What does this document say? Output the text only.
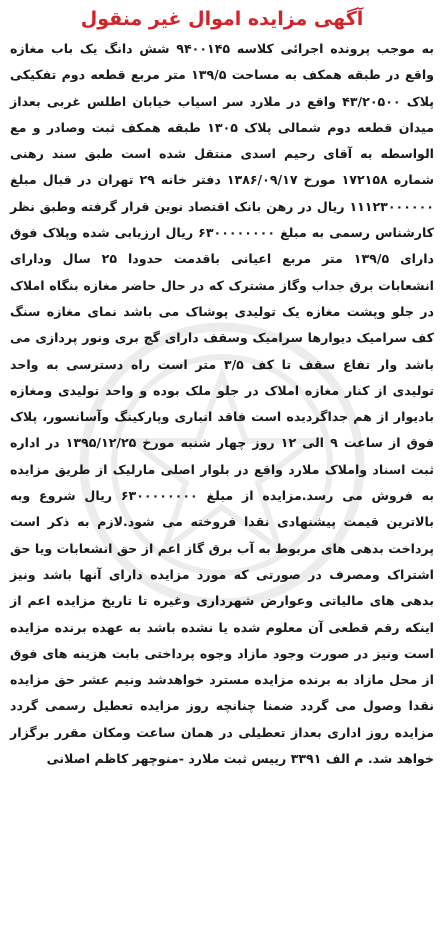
آگهی مزایده اموال غیر منقول

به موجب پرونده اجرائی کلاسه ۹۴۰۰۱۴۵ شش دانگ یک باب مغازه واقع در طبقه همکف به مساحت ۱۳۹/۵ متر مربع قطعه دوم تفکیکی پلاک ۴۳/۲۰۵۰۰ واقع در ملارد سر اسیاب خیابان اطلس غربی بعداز میدان قطعه دوم شمالی پلاک ۱۳۰۵ طبقه همکف ثبت وصادر و مع الواسطه به آقای رحیم اسدی منتقل شده است طبق سند رهنی شماره ۱۷۲۱۵۸ مورخ ۱۳۸۶/۰۹/۱۷ دفتر خانه ۲۹ تهران در قبال مبلغ ۱۱۱۲۳۰۰۰۰۰۰ ریال در رهن بانک اقتصاد نوین قرار گرفته وطبق نظر کارشناس رسمی به مبلغ ۶۳۰۰۰۰۰۰۰۰ ریال ارزیابی شده وپلاک فوق دارای ۱۳۹/۵ متر مربع اعیانی باقدمت حدودا ۲۵ سال ودارای انشعابات برق جداب وگاز مشترک که در حال حاضر مغازه بنگاه املاک در جلو وپشت مغازه یک تولیدی پوشاک می باشد نمای مغازه سنگ کف سرامیک دیوارها سرامیک وسقف دارای گچ بری ونور پردازی می باشد وار تفاع سقف تا کف ۳/۵ متر است راه دسترسی به واحد تولیدی از کنار مغازه املاک در جلو ملک بوده و واحد تولیدی ومغازه بادیوار از هم جداگردیده است فاقد انباری وپارکینگ وآسانسور، پلاک فوق از ساعت ۹ الی ۱۲ روز چهار شنبه مورخ ۱۳۹۵/۱۲/۲۵ در اداره ثبت اسناد واملاک ملارد واقع در بلوار اصلی مارلیک از طریق مزایده به فروش می رسد.مزایده از مبلغ ۶۳۰۰۰۰۰۰۰۰ ریال شروع وبه بالاترین قیمت پیشنهادی نقدا فروخته می شود.لازم به ذکر است پرداخت بدهی های مربوط به آب برق گاز اعم از حق انشعابات ویا حق اشتراک ومصرف در صورتی که مورد مزایده دارای آنها باشد ونیز بدهی های مالیاتی وعوارض شهرداری وغیره تا تاریخ مزایده اعم از اینکه رقم قطعی آن معلوم شده یا نشده باشد به عهده برنده مزایده است ونیز در صورت وجود مازاد وجوه پرداختی بابت هزینه های فوق از محل مازاد به برنده مزایده مسترد خواهدشد ونیم عشر حق مزایده نقدا وصول می گردد ضمنا چنانچه روز مزایده تعطیل رسمی گردد مزایده روز اداری بعداز تعطیلی در همان ساعت ومکان مقرر برگزار خواهد شد. م الف ۳۳۹۱ رییس ثبت ملارد -منوچهر کاظم اصلانی
